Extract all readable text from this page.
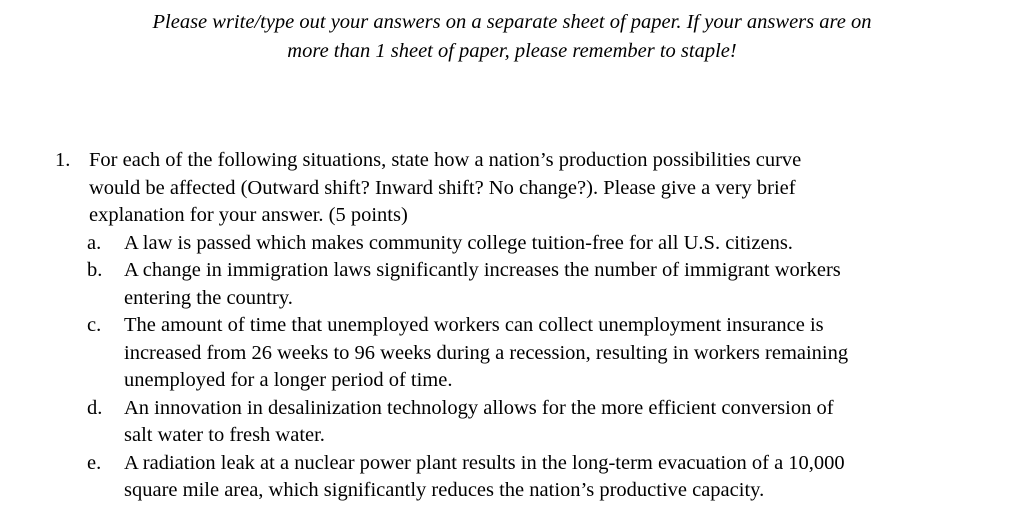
Please write/type out your answers on a separate sheet of paper. If your answers are on
more than 1 sheet of paper, please remember to staple!
1. For each of the following situations, state how a nation’s production possibilities curve
would be affected (Outward shift? Inward shift? No change?). Please give a very brief
explanation for your answer. (5 points)
a. A law is passed which makes community college tuition-free for all U.S. citizens.
b. A change in immigration laws significantly increases the number of immigrant workers
entering the country.
c. The amount of time that unemployed workers can collect unemployment insurance is
increased from 26 weeks to 96 weeks during a recession, resulting in workers remaining
unemployed for a longer period of time.
d. An innovation in desalinization technology allows for the more efficient conversion of
salt water to fresh water.
e. A radiation leak at a nuclear power plant results in the long-term evacuation of a 10,000
square mile area, which significantly reduces the nation’s productive capacity.
